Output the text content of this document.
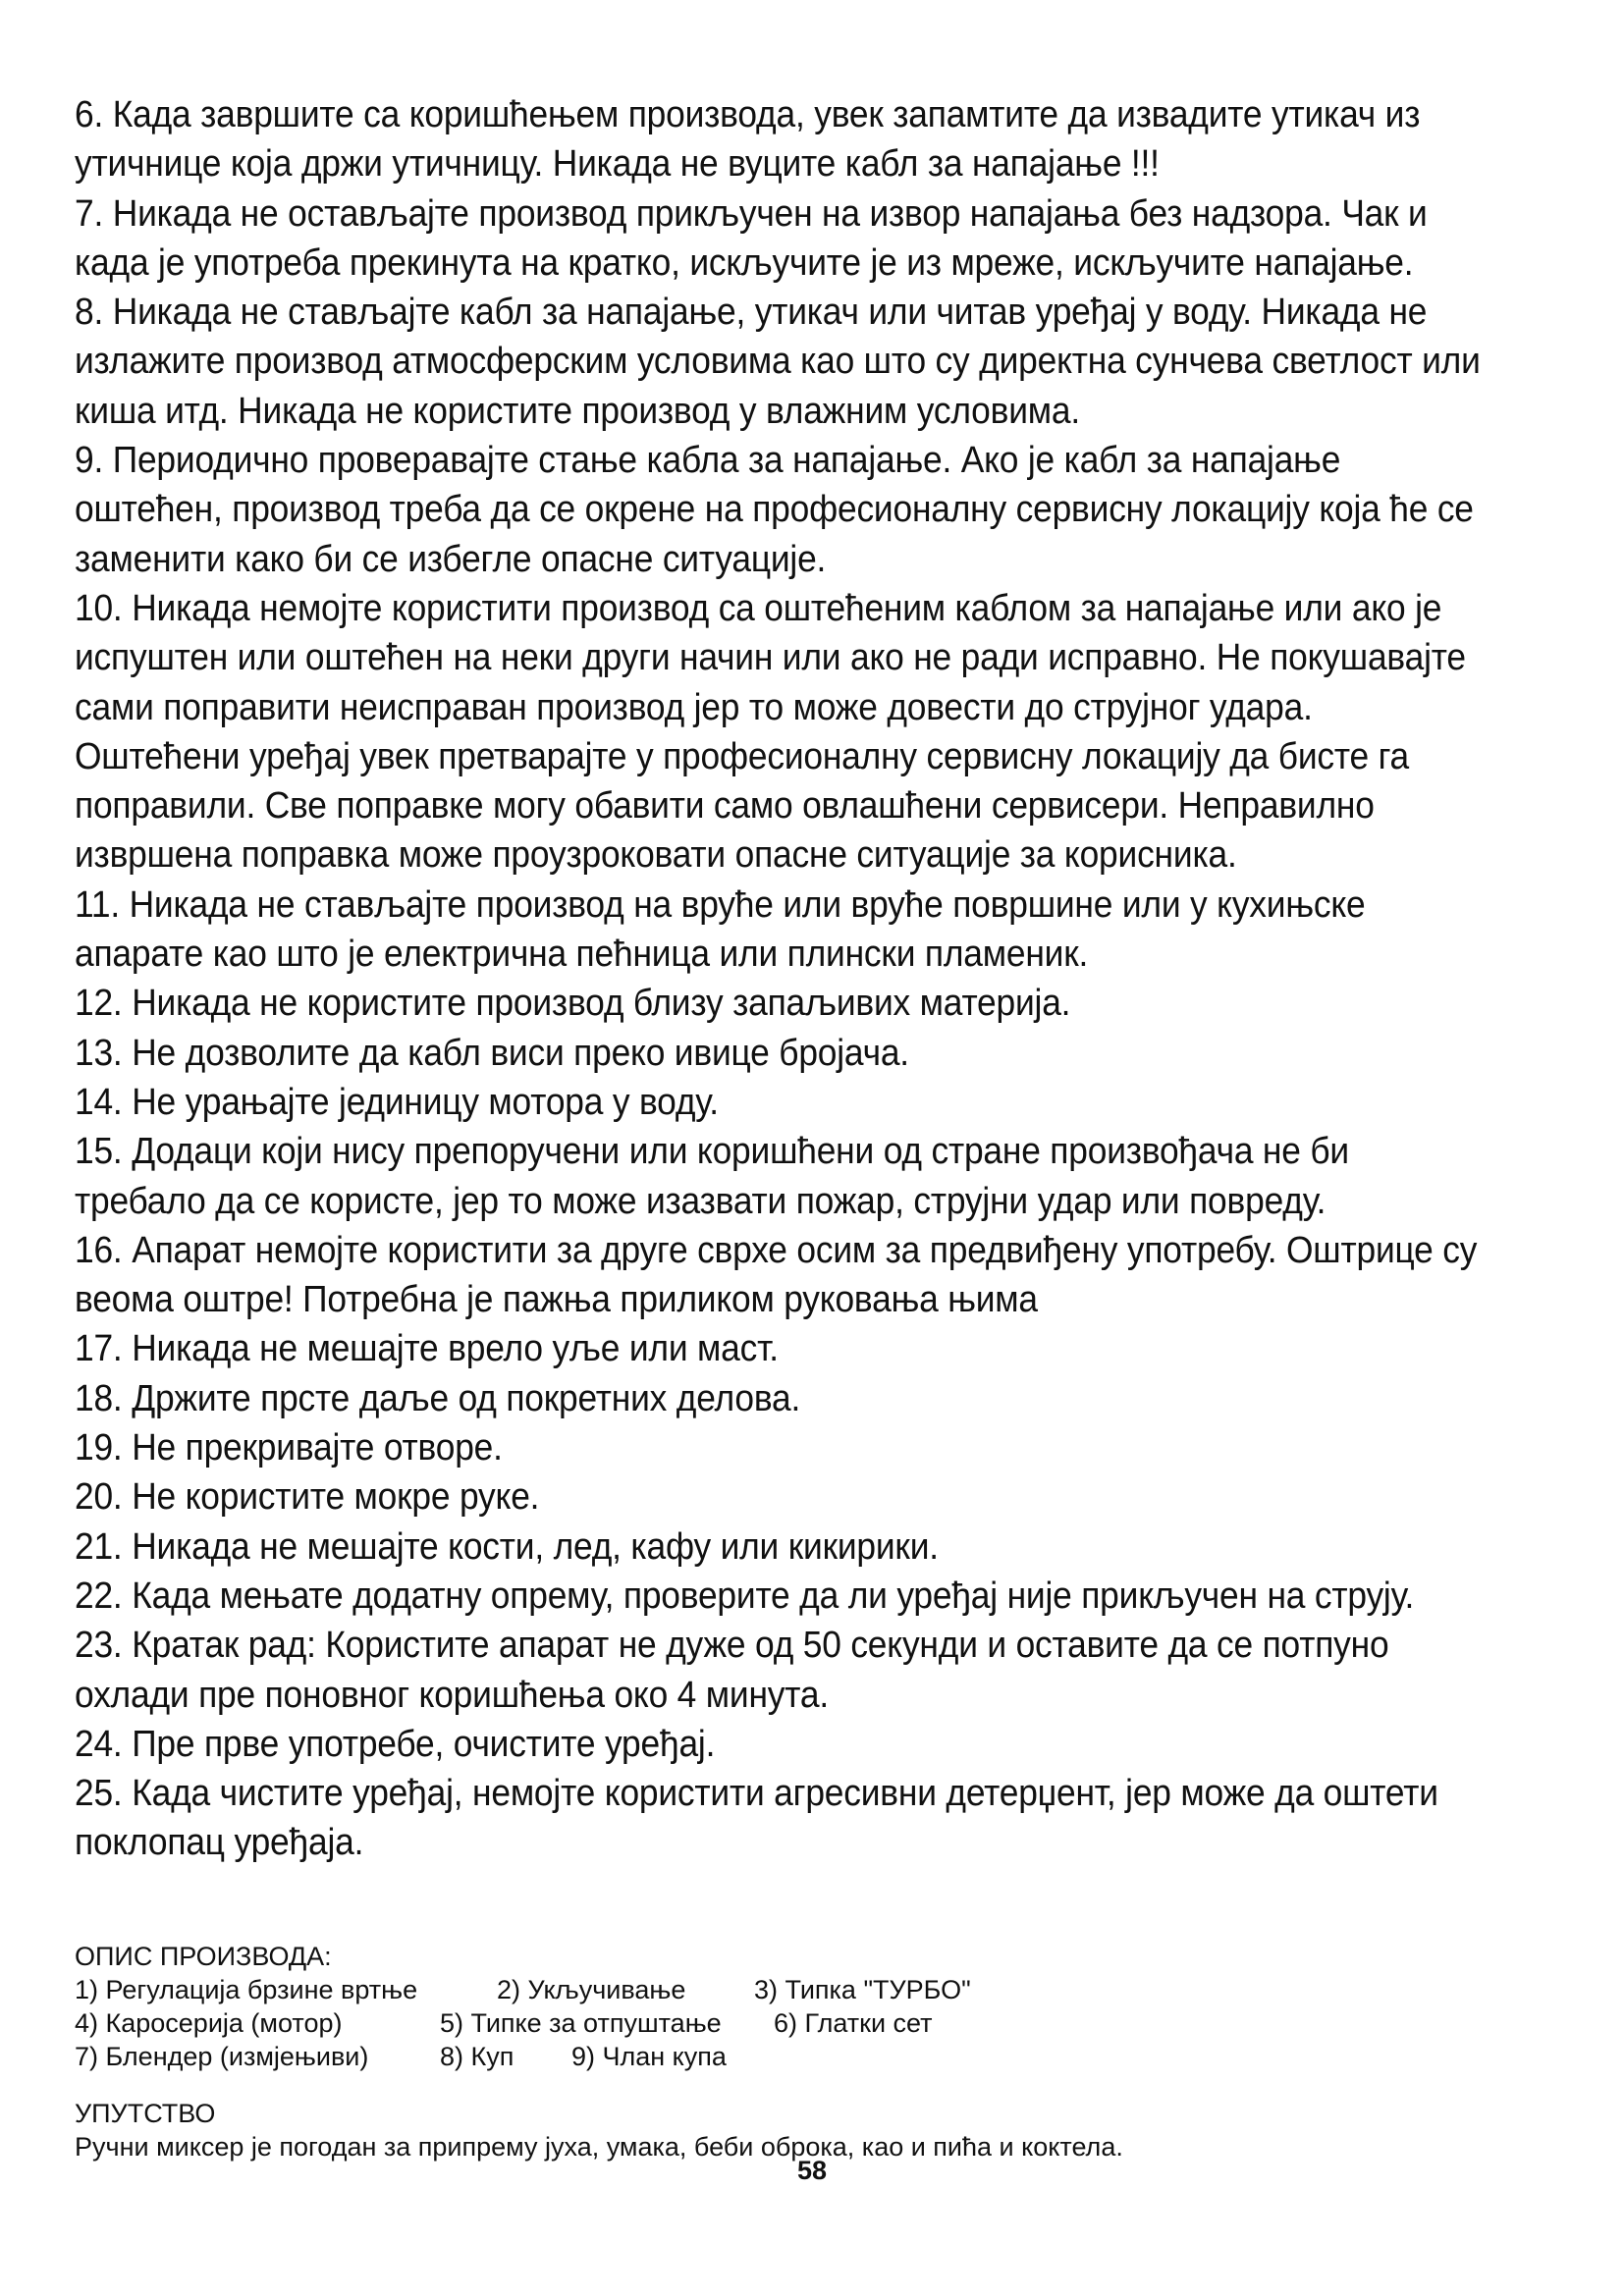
6. Када завршите са коришћењем производа, увек запамтите да извадите утикач из

утичнице која држи утичницу. Никада не вуците кабл за напајање !!!

7. Никада не остављајте производ прикључен на извор напајања без надзора. Чак и

када је употреба прекинута на кратко, искључите је из мреже, искључите напајање.

8. Никада не стављајте кабл за напајање, утикач или читав уређај у воду. Никада не

излажите производ атмосферским условима као што су директна сунчева светлост или

киша итд. Никада не користите производ у влажним условима.

9. Периодично проверавајте стање кабла за напајање. Ако је кабл за напајање

оштећен, производ треба да се окрене на професионалну сервисну локацију која ће се

заменити како би се избегле опасне ситуације.

10. Никада немојте користити производ са оштећеним каблом за напајање или ако је

испуштен или оштећен на неки други начин или ако не ради исправно. Не покушавајте

сами поправити неисправан производ јер то може довести до струјног удара.

Оштећени уређај увек претварајте у професионалну сервисну локацију да бисте га

поправили. Све поправке могу обавити само овлашћени сервисери. Неправилно

извршена поправка може проузроковати опасне ситуације за корисника.

11. Никада не стављајте производ на вруће или вруће површине или у кухињске

апарате као што је електрична пећница или плински пламеник.

12. Никада не користите производ близу запаљивих материја.

13. Не дозволите да кабл виси преко ивице бројача.

14. Не урањајте јединицу мотора у воду.

15. Додаци који нису препоручени или коришћени од стране произвођача не би

требало да се користе, јер то може изазвати пожар, струјни удар или повреду.

16. Апарат немојте користити за друге сврхе осим за предвиђену употребу. Оштрице су

веома оштре! Потребна је пажња приликом руковања њима

17. Никада не мешајте врело уље или маст.

18. Држите прсте даље од покретних делова.

19. Не прекривајте отворе.

20. Не користите мокре руке.

21. Никада не мешајте кости, лед, кафу или кикирики.

22. Када мењате додатну опрему, проверите да ли уређај није прикључен на струју.

23. Кратак рад: Користите апарат не дуже од 50 секунди и оставите да се потпуно

охлади пре поновног коришћења око 4 минута.

24. Пре прве употребе, очистите уређај.

25. Када чистите уређај, немојте користити агресивни детерџент, јер може да оштети

поклопац уређаја.

ОПИС ПРОИЗВОДА:

1) Регулација брзине вртње	2) Укључивање	3) Типка "ТУРБО"
4) Каросерија (мотор)	5) Типке за отпуштање 6) Глатки сет
7) Блендер (измјењиви)	8) Куп 9) Члан купа

УПУТСТВО

Ручни миксер је погодан за припрему јуха, умака, беби оброка, као и пића и коктела.

58
